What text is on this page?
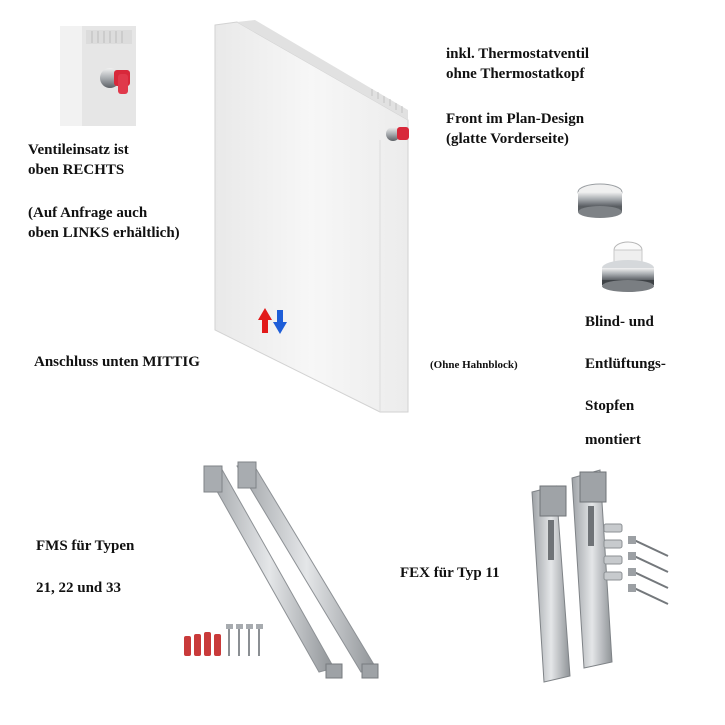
Ventileinsatz ist
oben RECHTS
(Auf Anfrage auch
oben LINKS erhältlich)
inkl. Thermostatventil
ohne Thermostatkopf
Front im Plan-Design
(glatte Vorderseite)
Anschluss unten MITTIG	(Ohne Hahnblock)
Blind- und
Entlüftungs-
Stopfen
montiert
FMS für Typen
21, 22 und 33
FEX für Typ 11
